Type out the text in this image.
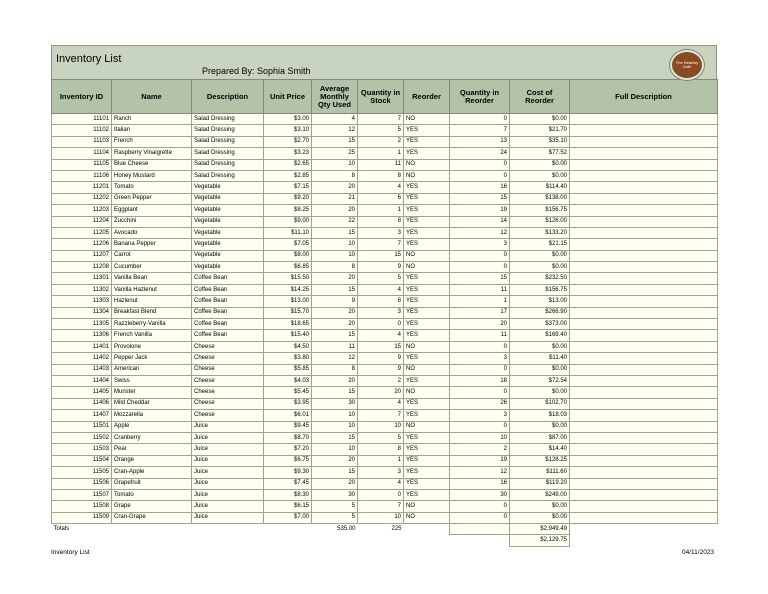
Inventory List
Prepared By: Sophia Smith
The Healthy Cafe
Inventory ID	Name	Description	Unit Price	Average Monthly Qty Used	Quantity in Stock	Reorder	Quantity in Reorder	Cost of Reorder	Full Description
11101	Ranch	Salad Dressing	$3.00	4	7	NO	0	$0.00	
11102	Italian	Salad Dressing	$3.10	12	5	YES	7	$21.70	
11103	French	Salad Dressing	$2.70	15	2	YES	13	$35.10	
11104	Raspberry Vinaigrette	Salad Dressing	$3.23	25	1	YES	24	$77.52	
11105	Blue Cheese	Salad Dressing	$2.65	10	11	NO	0	$0.00	
11106	Honey Mustard	Salad Dressing	$2.85	8	8	NO	0	$0.00	
11201	Tomato	Vegetable	$7.15	20	4	YES	16	$114.40	
11202	Green Pepper	Vegetable	$9.20	21	6	YES	15	$138.00	
11203	Eggplant	Vegetable	$8.25	20	1	YES	19	$156.75	
11204	Zucchini	Vegetable	$9.00	22	8	YES	14	$126.00	
11205	Avocado	Vegetable	$11.10	15	3	YES	12	$133.20	
11206	Banana Pepper	Vegetable	$7.05	10	7	YES	3	$21.15	
11207	Carrot	Vegetable	$8.00	10	15	NO	0	$0.00	
11208	Cucumber	Vegetable	$6.85	8	9	NO	0	$0.00	
11301	Vanilla Bean	Coffee Bean	$15.50	20	5	YES	15	$232.50	
11302	Vanilla Hazlenut	Coffee Bean	$14.25	15	4	YES	11	$156.75	
11303	Hazlenut	Coffee Bean	$13.00	9	8	YES	1	$13.00	
11304	Breakfast Blend	Coffee Bean	$15.70	20	3	YES	17	$266.90	
11305	Razzleberry-Vanilla	Coffee Bean	$18.65	20	0	YES	20	$373.00	
11306	French Vanilla	Coffee Bean	$15.40	15	4	YES	11	$169.40	
11401	Provolone	Cheese	$4.50	11	15	NO	0	$0.00	
11402	Pepper Jack	Cheese	$3.80	12	9	YES	3	$11.40	
11403	American	Cheese	$5.85	8	9	NO	0	$0.00	
11404	Swiss	Cheese	$4.03	20	2	YES	18	$72.54	
11405	Munster	Cheese	$5.45	15	20	NO	0	$0.00	
11406	Mild Cheddar	Cheese	$3.95	30	4	YES	26	$102.70	
11407	Mozzarella	Cheese	$6.01	10	7	YES	3	$18.03	
11501	Apple	Juice	$9.45	10	10	NO	0	$0.00	
11502	Cranberry	Juice	$8.70	15	5	YES	10	$87.00	
11503	Pear	Juice	$7.20	10	8	YES	2	$14.40	
11504	Orange	Juice	$6.75	20	1	YES	19	$128.25	
11505	Cran-Apple	Juice	$9.30	15	3	YES	12	$111.60	
11506	Grapefruit	Juice	$7.45	20	4	YES	16	$119.20	
11507	Tomato	Juice	$8.30	30	0	YES	30	$249.00	
11508	Grape	Juice	$6.15	5	7	NO	0	$0.00	
11509	Cran-Grape	Juice	$7.00	5	10	NO	0	$0.00	
Totals				535.00	225			$2,949.49	
								$2,129.75	
Inventory List	04/11/2023
